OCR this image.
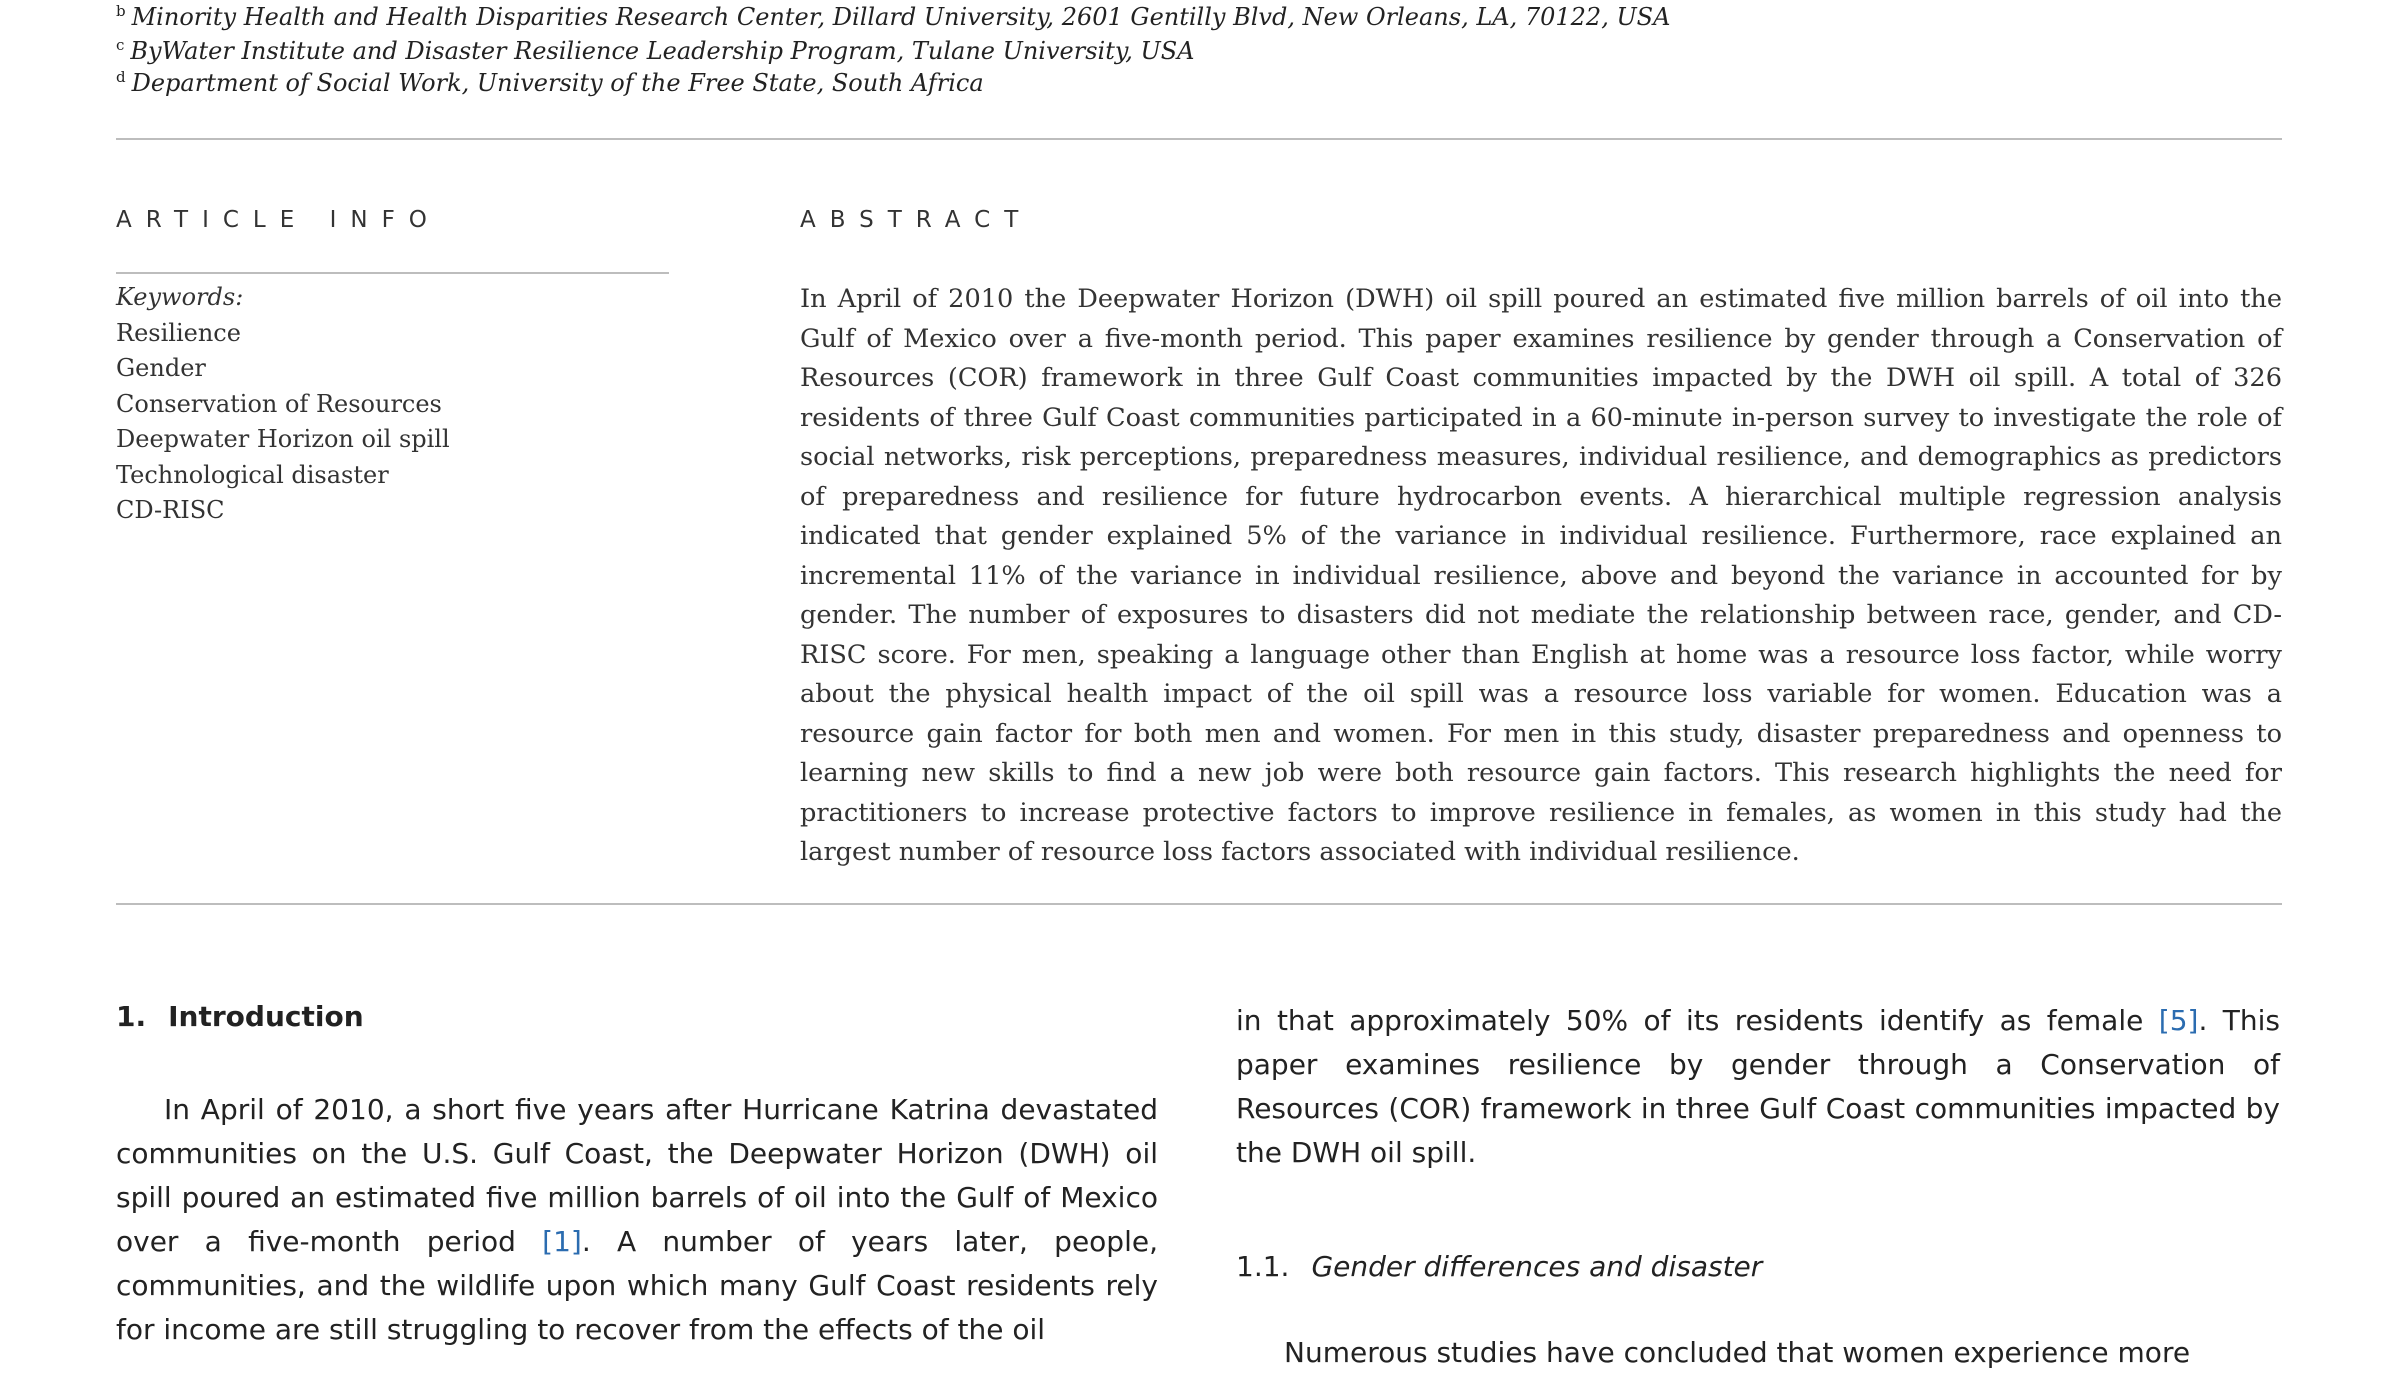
$^b$ Minority Health and Health Disparities Research Center, Dillard University, 2601 Gentilly Blvd, New Orleans, LA, 70122, USA
$^c$ ByWater Institute and Disaster Resilience Leadership Program, Tulane University, USA
$^d$ Department of Social Work, University of the Free State, South Africa
ARTICLE INFO
Keywords:
Resilience
Gender
Conservation of Resources
Deepwater Horizon oil spill
Technological disaster
CD-RISC
ABSTRACT
In April of 2010 the Deepwater Horizon (DWH) oil spill poured an estimated five million barrels of oil into the Gulf of Mexico over a five-month period. This paper examines resilience by gender through a Conservation of Resources (COR) framework in three Gulf Coast communities impacted by the DWH oil spill. A total of 326 residents of three Gulf Coast communities participated in a 60-minute in-person survey to investigate the role of social networks, risk perceptions, preparedness measures, individual resilience, and demographics as predictors of preparedness and resilience for future hydrocarbon events. A hierarchical multiple regression analysis indicated that gender explained 5% of the variance in individual resilience. Furthermore, race explained an incremental 11% of the variance in individual resilience, above and beyond the variance in accounted for by gender. The number of exposures to disasters did not mediate the relationship between race, gender, and CD-RISC score. For men, speaking a language other than English at home was a resource loss factor, while worry about the physical health impact of the oil spill was a resource loss variable for women. Education was a resource gain factor for both men and women. For men in this study, disaster preparedness and openness to learning new skills to find a new job were both resource gain factors. This research highlights the need for practitioners to increase protective factors to improve resilience in females, as women in this study had the largest number of resource loss factors associated with individual resilience.
1. Introduction
In April of 2010, a short five years after Hurricane Katrina devastated communities on the U.S. Gulf Coast, the Deepwater Horizon (DWH) oil spill poured an estimated five million barrels of oil into the Gulf of Mexico over a five-month period [1]. A number of years later, people, communities, and the wildlife upon which many Gulf Coast residents rely for income are still struggling to recover from the effects of the oil
in that approximately 50% of its residents identify as female [5]. This paper examines resilience by gender through a Conservation of Resources (COR) framework in three Gulf Coast communities impacted by the DWH oil spill.
1.1. Gender differences and disaster
Numerous studies have concluded that women experience more
